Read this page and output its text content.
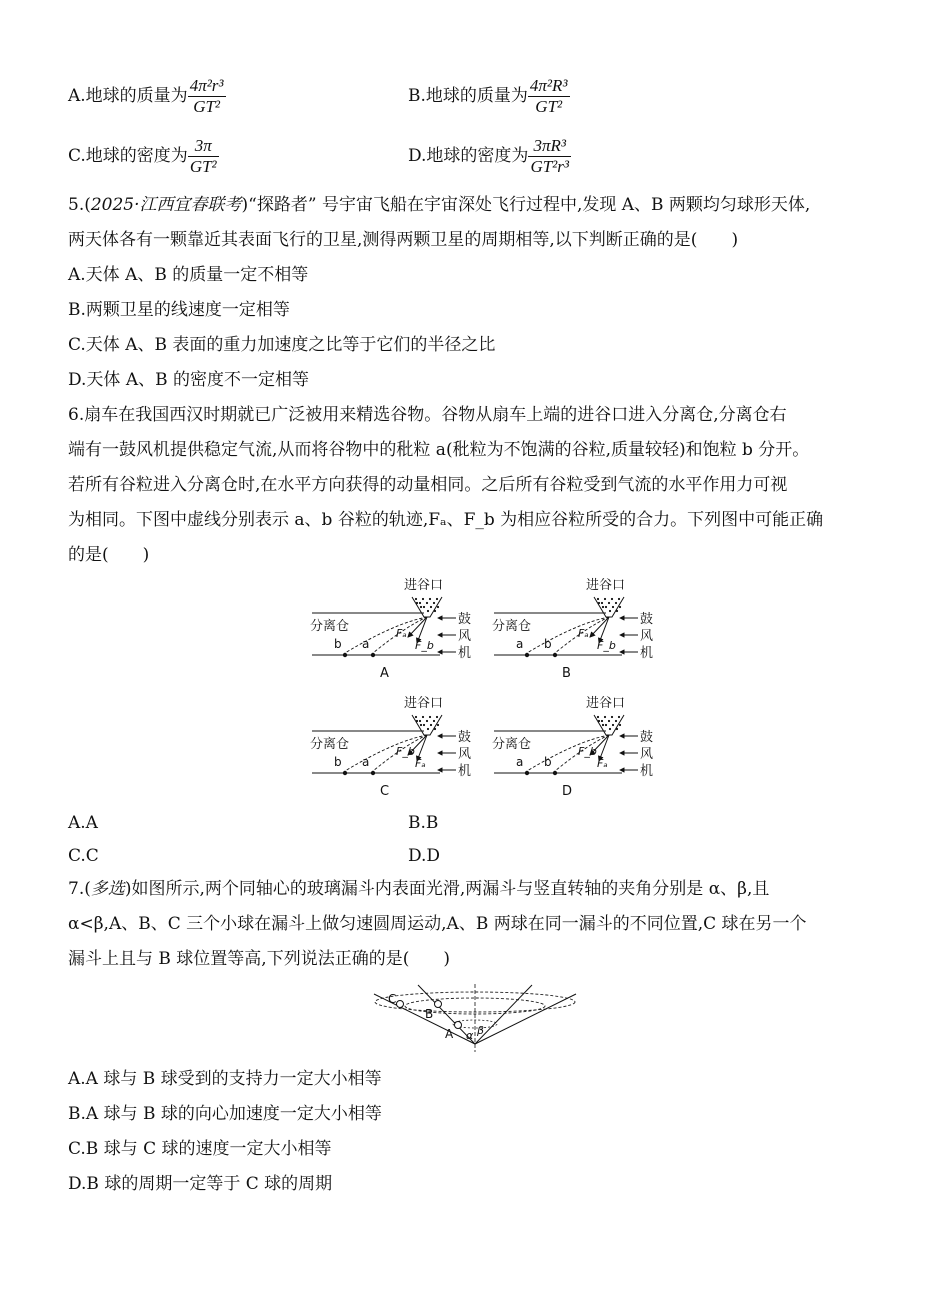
A.地球的质量为 $\frac{\text{4π²r³}}{\text{GT²}}$	B.地球的质量为 $\frac{\text{4π²R³}}{\text{GT²}}$
C.地球的密度为 $\frac{3\pi}{\text{GT²}}$	D.地球的密度为 $\frac{\text{3πR³}}{\text{GT²r³}}$
5.(2025·江西宜春联考)“探路者” 号宇宙飞船在宇宙深处飞行过程中,发现 A、B 两颗均匀球形天体,
两天体各有一颗靠近其表面飞行的卫星,测得两颗卫星的周期相等,以下判断正确的是(　　)
A.天体 A、B 的质量一定不相等
B.两颗卫星的线速度一定相等
C.天体 A、B 表面的重力加速度之比等于它们的半径之比
D.天体 A、B 的密度不一定相等
6.扇车在我国西汉时期就已广泛被用来精选谷物。谷物从扇车上端的进谷口进入分离仓,分离仓右
端有一鼓风机提供稳定气流,从而将谷物中的秕粒 a(秕粒为不饱满的谷粒,质量较轻)和饱粒 b 分开。
若所有谷粒进入分离仓时,在水平方向获得的动量相同。之后所有谷粒受到气流的水平作用力可视
为相同。下图中虚线分别表示 a、b 谷粒的轨迹,Fₐ、F_b 为相应谷粒所受的合力。下列图中可能正确
的是(　　)
进谷口
分离仓	鼓
风
机
b a
Fₐ
F_b
A
进谷口
分离仓	鼓
风
机
a b
Fₐ
F_b
B
进谷口
分离仓	鼓
风
机
b a
F_b
Fₐ
C
进谷口
分离仓	鼓
风
机
a b
F_b
Fₐ
D
A.A	B.B
C.C	D.D
7.(多选)如图所示,两个同轴心的玻璃漏斗内表面光滑,两漏斗与竖直转轴的夹角分别是 α、β,且
α<β,A、B、C 三个小球在漏斗上做匀速圆周运动,A、B 两球在同一漏斗的不同位置,C 球在另一个
漏斗上且与 B 球位置等高,下列说法正确的是(　　)
C
B
A α β
A.A 球与 B 球受到的支持力一定大小相等
B.A 球与 B 球的向心加速度一定大小相等
C.B 球与 C 球的速度一定大小相等
D.B 球的周期一定等于 C 球的周期
